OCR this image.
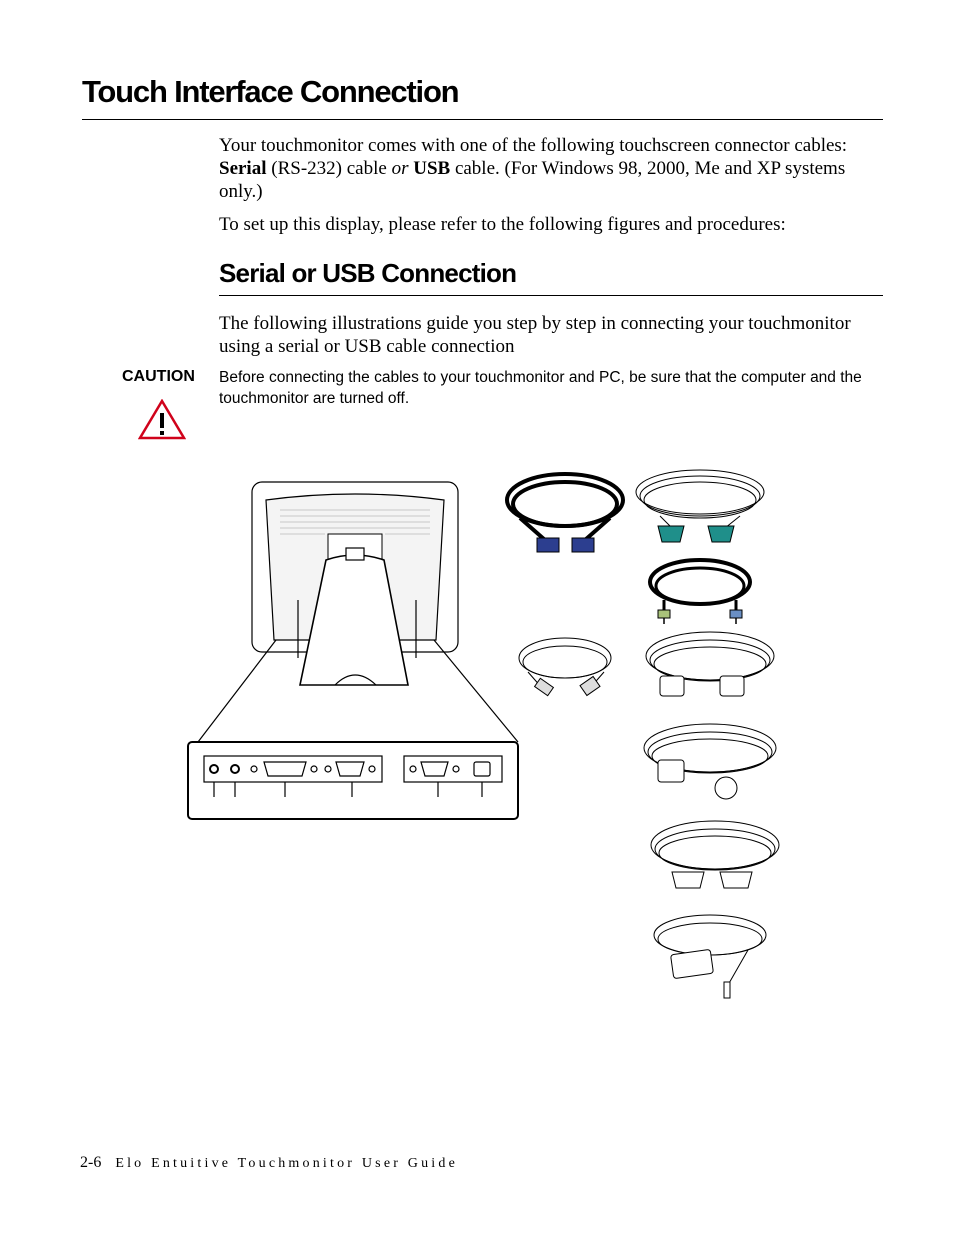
Touch Interface Connection
Your touchmonitor comes with one of the following touchscreen connector cables: Serial (RS-232) cable or USB cable. (For Windows 98, 2000, Me and XP systems only.)
To set up this display, please refer to the following figures and procedures:
Serial or USB Connection
The following illustrations guide you step by step in connecting your touchmonitor using a serial or USB cable connection
CAUTION Before connecting the cables to your touchmonitor and PC, be sure that the computer and the touchmonitor are turned off.
2-6 Elo Entuitive Touchmonitor User Guide
